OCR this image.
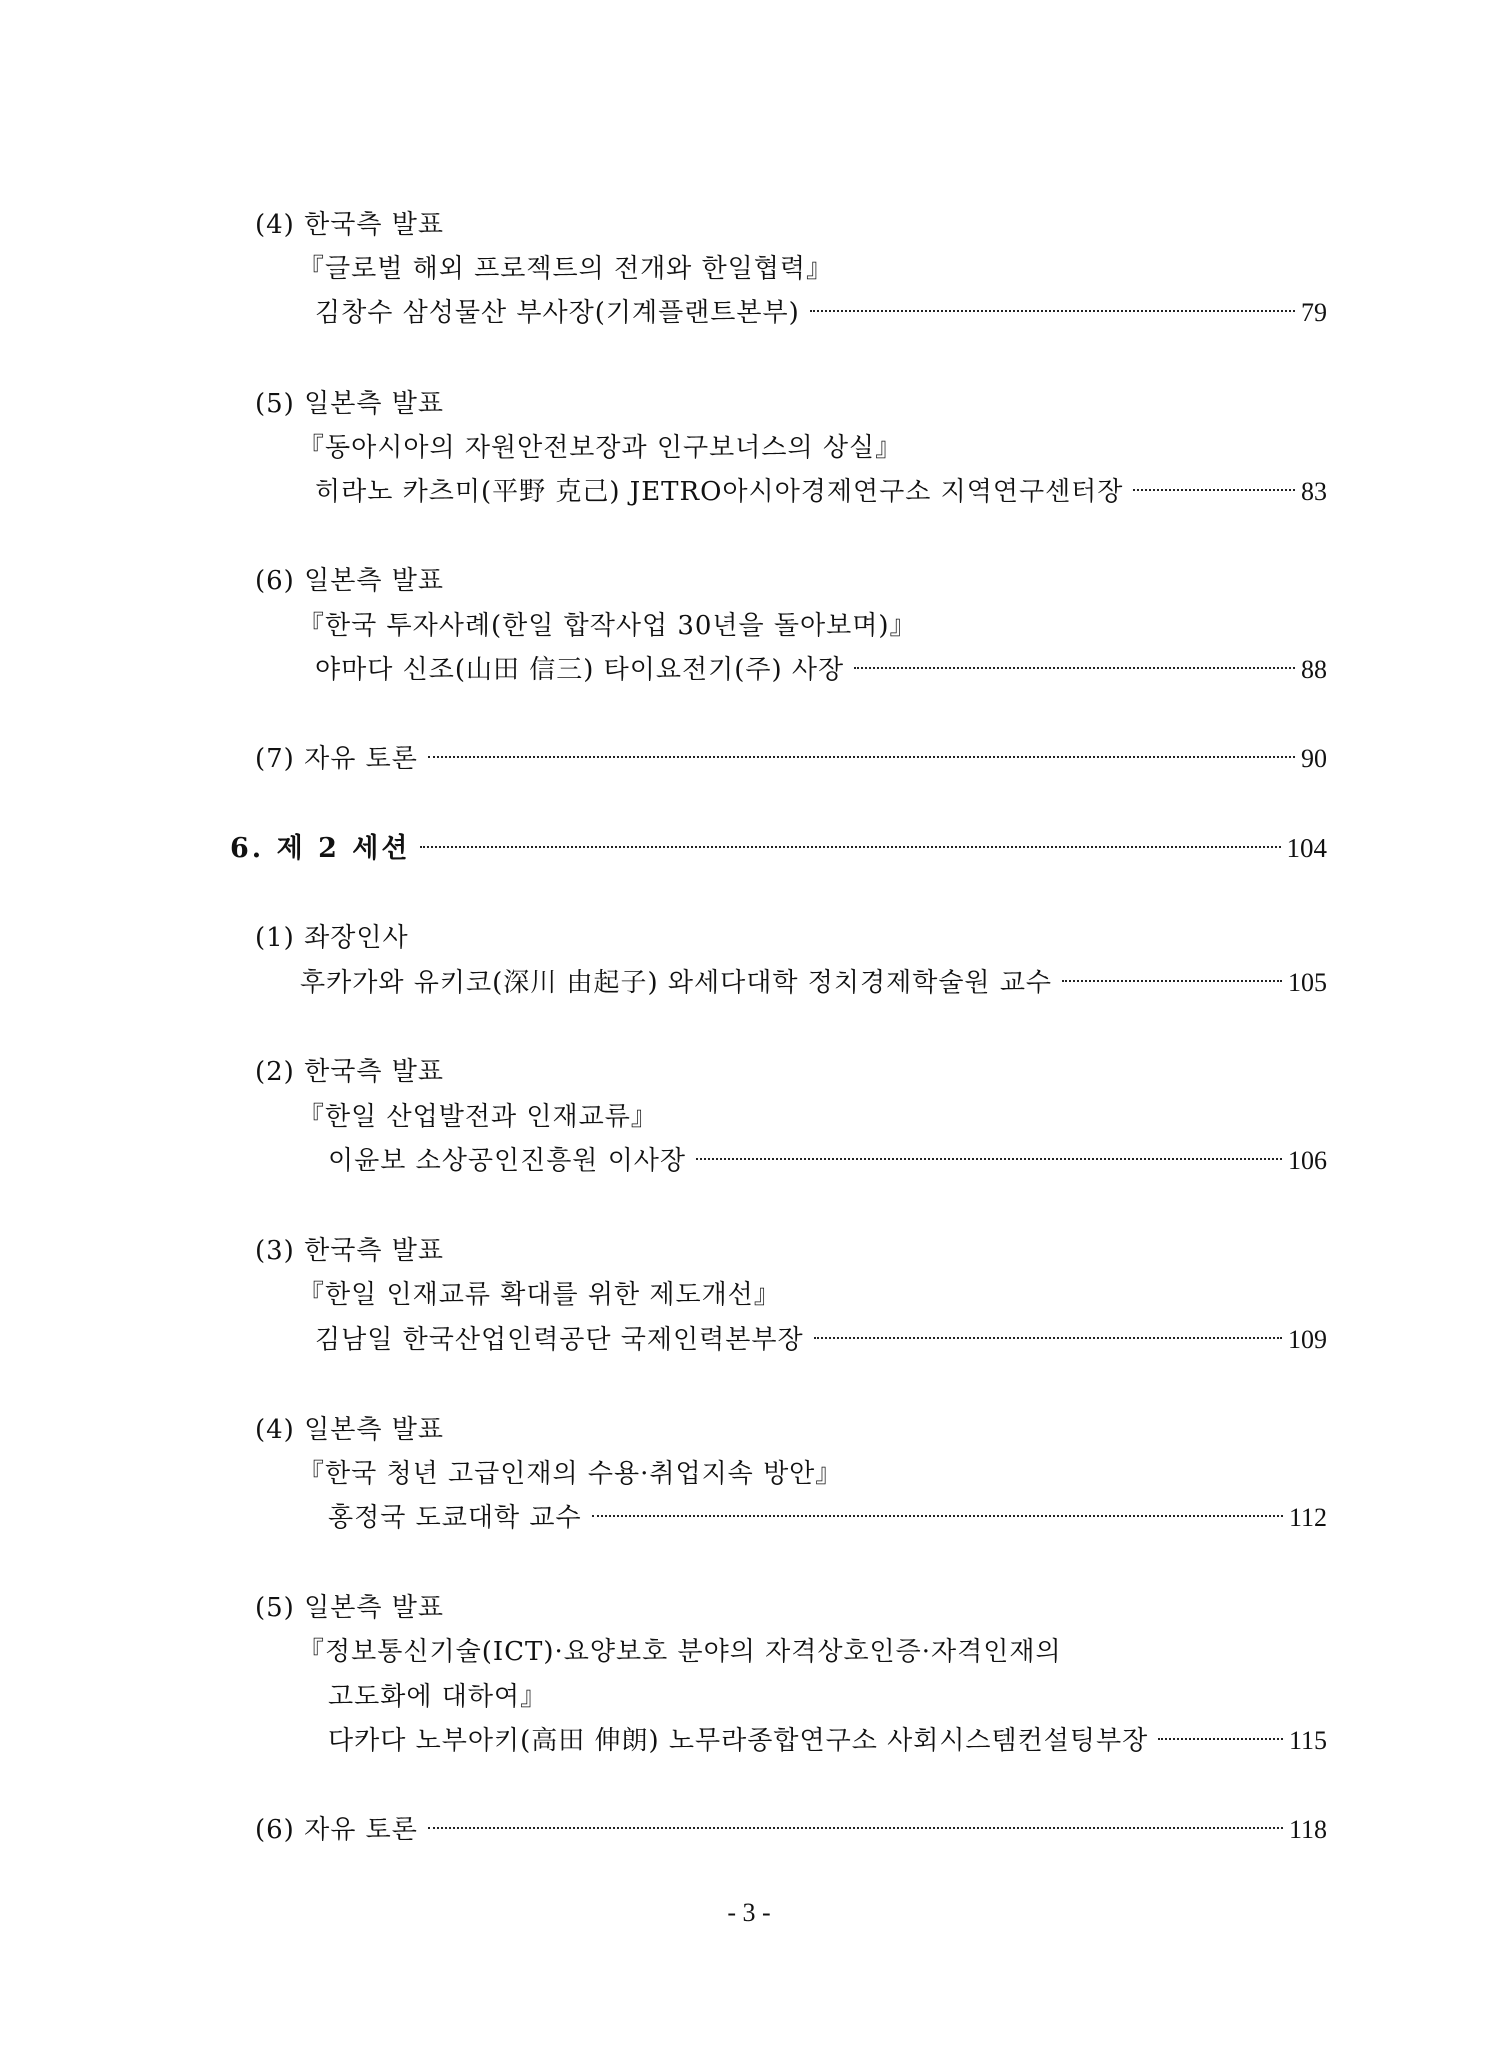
(4) 한국측 발표
『글로벌 해외 프로젝트의 전개와 한일협력』
김창수 삼성물산 부사장(기계플랜트본부)	79
(5) 일본측 발표
『동아시아의 자원안전보장과 인구보너스의 상실』
히라노 카츠미(平野 克己) JETRO아시아경제연구소 지역연구센터장	83
(6) 일본측 발표
『한국 투자사례(한일 합작사업 30년을 돌아보며)』
야마다 신조(山田 信三) 타이요전기(주) 사장	88
(7) 자유 토론	90
6. 제 2 세션	104
(1) 좌장인사
후카가와 유키코(深川 由起子) 와세다대학 정치경제학술원 교수	105
(2) 한국측 발표
『한일 산업발전과 인재교류』
이윤보 소상공인진흥원 이사장	106
(3) 한국측 발표
『한일 인재교류 확대를 위한 제도개선』
김남일 한국산업인력공단 국제인력본부장	109
(4) 일본측 발표
『한국 청년 고급인재의 수용·취업지속 방안』
홍정국 도쿄대학 교수	112
(5) 일본측 발표
『정보통신기술(ICT)·요양보호 분야의 자격상호인증·자격인재의
고도화에 대하여』
다카다 노부아키(高田 伸朗) 노무라종합연구소 사회시스템컨설팅부장	115
(6) 자유 토론	118
- 3 -
